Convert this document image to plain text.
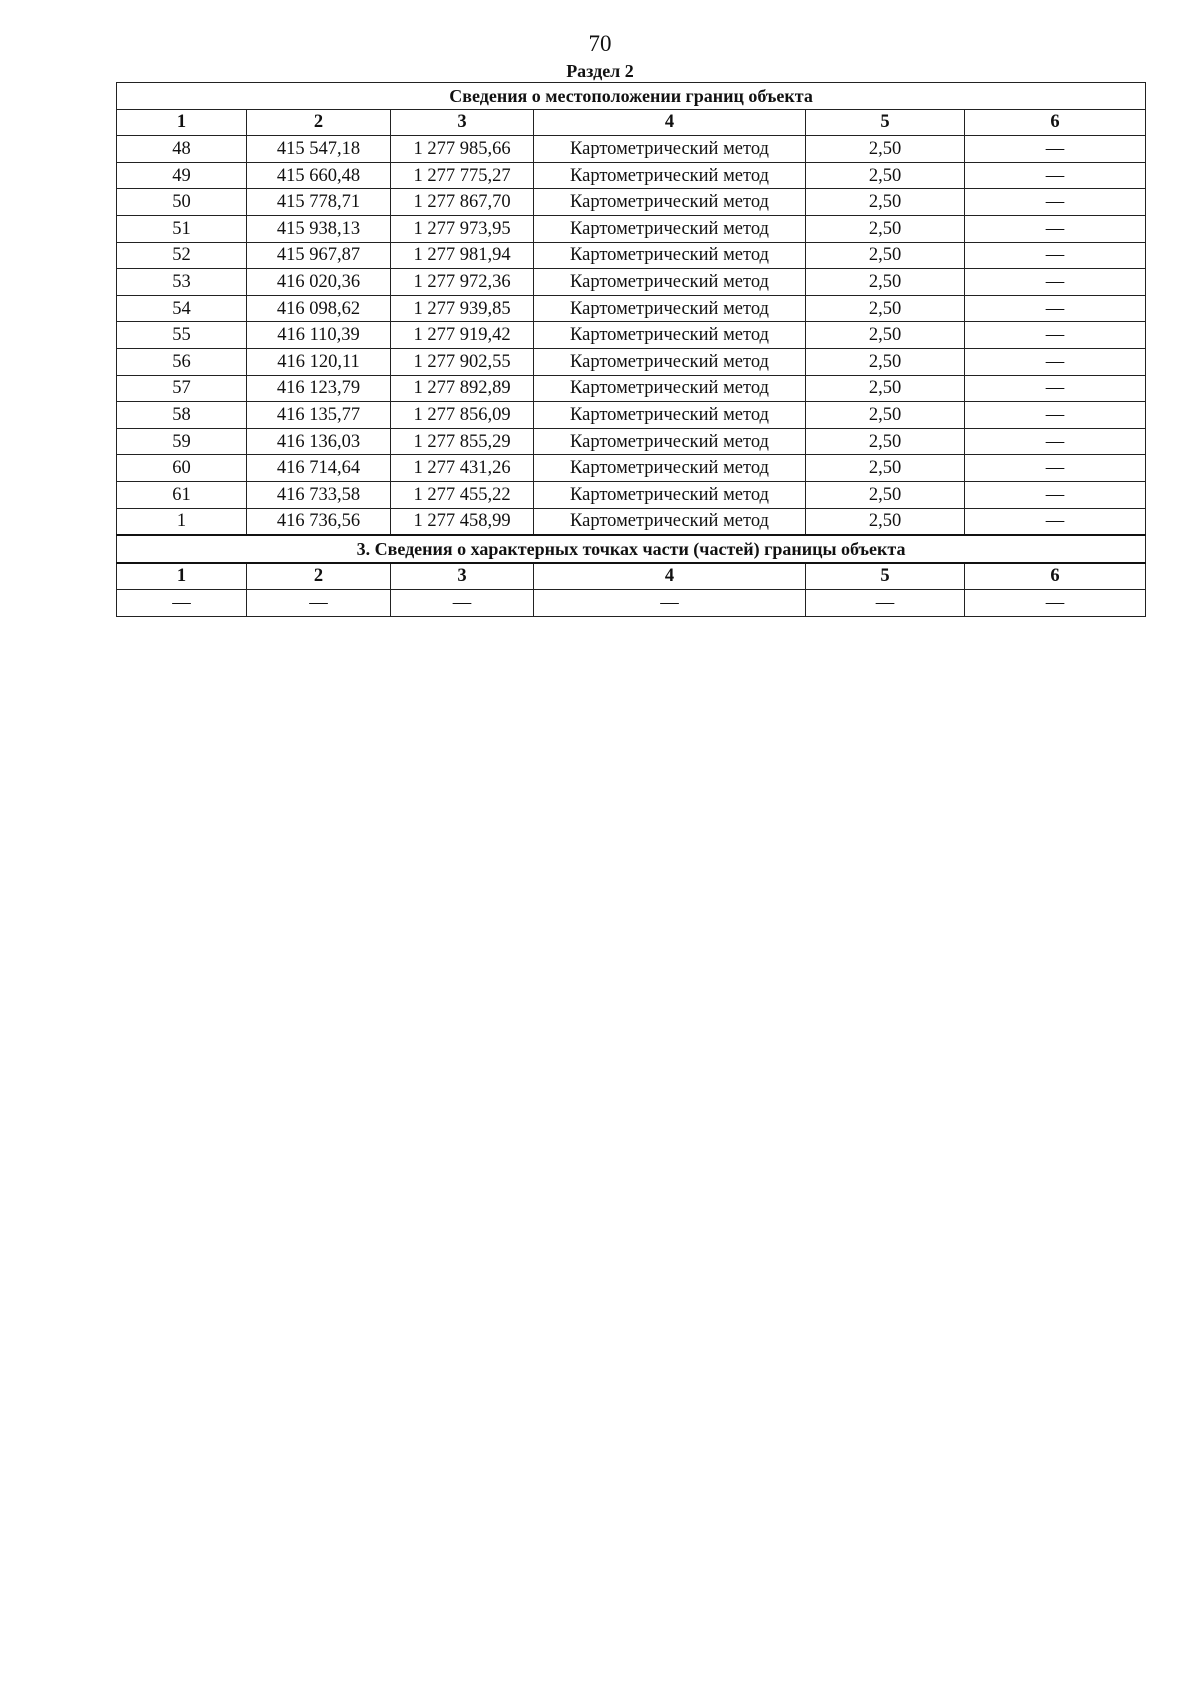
70
Раздел 2
Сведения о местоположении границ объекта					
1	2	3	4	5	6
48	415 547,18	1 277 985,66	Картометрический метод	2,50	—
49	415 660,48	1 277 775,27	Картометрический метод	2,50	—
50	415 778,71	1 277 867,70	Картометрический метод	2,50	—
51	415 938,13	1 277 973,95	Картометрический метод	2,50	—
52	415 967,87	1 277 981,94	Картометрический метод	2,50	—
53	416 020,36	1 277 972,36	Картометрический метод	2,50	—
54	416 098,62	1 277 939,85	Картометрический метод	2,50	—
55	416 110,39	1 277 919,42	Картометрический метод	2,50	—
56	416 120,11	1 277 902,55	Картометрический метод	2,50	—
57	416 123,79	1 277 892,89	Картометрический метод	2,50	—
58	416 135,77	1 277 856,09	Картометрический метод	2,50	—
59	416 136,03	1 277 855,29	Картометрический метод	2,50	—
60	416 714,64	1 277 431,26	Картометрический метод	2,50	—
61	416 733,58	1 277 455,22	Картометрический метод	2,50	—
1	416 736,56	1 277 458,99	Картометрический метод	2,50	—
3. Сведения о характерных точках части (частей) границы объекта					
1	2	3	4	5	6
—	—	—	—	—	—
